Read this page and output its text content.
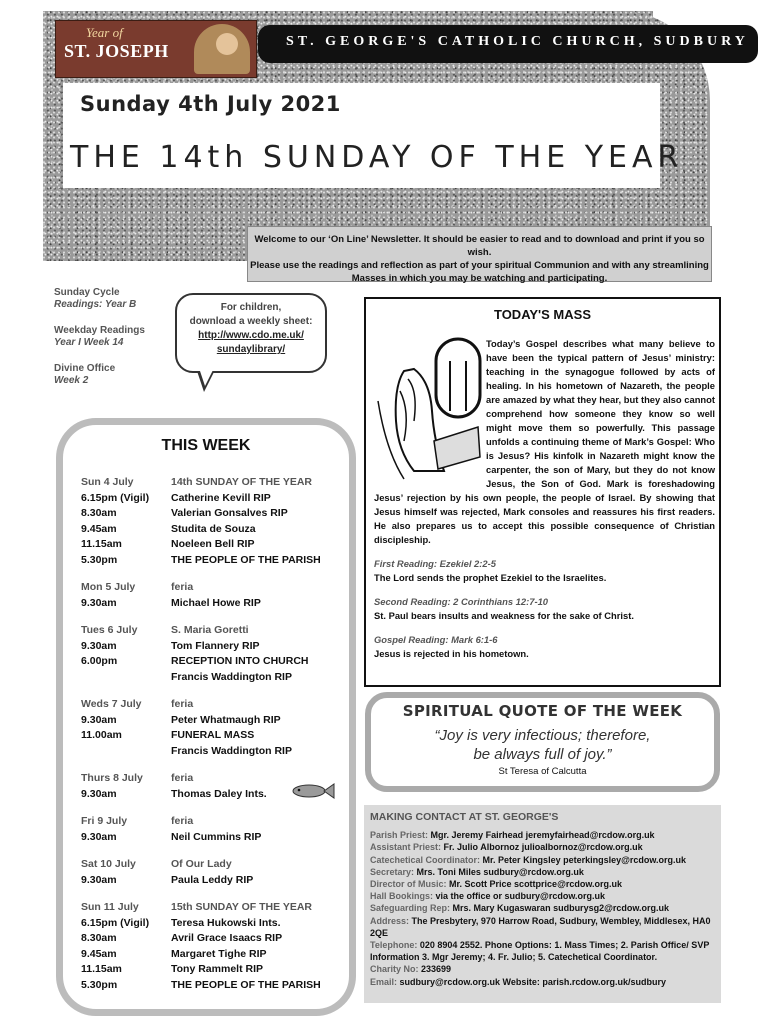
Year of
ST. JOSEPH	ST. GEORGE'S CATHOLIC CHURCH, SUDBURY
Sunday 4th July 2021
THE 14th SUNDAY OF THE YEAR
Welcome to our ‘On Line’ Newsletter. It should be easier to read and to download and print if you so wish.
Please use the readings and reflection as part of your spiritual Communion and with any streamlining
Masses in which you may be watching and participating.
Sunday Cycle
Readings: Year B
Weekday Readings
Year I Week 14
Divine Office
Week 2
For children,
download a weekly sheet:
http://www.cdo.me.uk/
sundaylibrary/
THIS WEEK
Sun 4 July	14th SUNDAY OF THE YEAR
6.15pm (Vigil)	Catherine Kevill RIP
8.30am	Valerian Gonsalves RIP
9.45am	Studita de Souza
11.15am	Noeleen Bell RIP
5.30pm	THE PEOPLE OF THE PARISH
Mon 5 July	feria
9.30am	Michael Howe RIP
Tues 6 July	S. Maria Goretti
9.30am	Tom Flannery RIP
6.00pm	RECEPTION INTO CHURCH
Francis Waddington RIP
Weds 7 July	feria
9.30am	Peter Whatmaugh RIP
11.00am	FUNERAL MASS
Francis Waddington RIP
Thurs 8 July	feria
9.30am	Thomas Daley Ints.
Fri 9 July	feria
9.30am	Neil Cummins RIP
Sat 10 July	Of Our Lady
9.30am	Paula Leddy RIP
Sun 11 July	15th SUNDAY OF THE YEAR
6.15pm (Vigil)	Teresa Hukowski Ints.
8.30am	Avril Grace Isaacs RIP
9.45am	Margaret Tighe RIP
11.15am	Tony Rammelt RIP
5.30pm	THE PEOPLE OF THE PARISH
TODAY'S MASS
Today’s Gospel describes what many believe to have been the typical pattern of Jesus’ ministry: teaching in the synagogue followed by acts of healing. In his hometown of Nazareth, the people are amazed by what they hear, but they also cannot comprehend how someone they know so well might move them so powerfully. This passage unfolds a continuing theme of Mark’s Gospel: Who is Jesus? His kinfolk in Nazareth might know the carpenter, the son of Mary, but they do not know Jesus, the Son of God. Mark is foreshadowing Jesus’ rejection by his own people, the people of Israel. By showing that Jesus himself was rejected, Mark consoles and reassures his first readers. He also prepares us to accept this possible consequence of Christian discipleship.
First Reading: Ezekiel 2:2-5
The Lord sends the prophet Ezekiel to the Israelites.
Second Reading: 2 Corinthians 12:7-10
St. Paul bears insults and weakness for the sake of Christ.
Gospel Reading: Mark 6:1-6
Jesus is rejected in his hometown.
SPIRITUAL QUOTE OF THE WEEK
“Joy is very infectious; therefore,
be always full of joy.”
St Teresa of Calcutta
MAKING CONTACT AT ST. GEORGE'S
Parish Priest: Mgr. Jeremy Fairhead jeremyfairhead@rcdow.org.uk
Assistant Priest: Fr. Julio Albornoz julioalbornoz@rcdow.org.uk
Catechetical Coordinator: Mr. Peter Kingsley peterkingsley@rcdow.org.uk
Secretary: Mrs. Toni Miles sudbury@rcdow.org.uk
Director of Music: Mr. Scott Price scottprice@rcdow.org.uk
Hall Bookings: via the office or sudbury@rcdow.org.uk
Safeguarding Rep: Mrs. Mary Kugaswaran sudburysg2@rcdow.org.uk
Address: The Presbytery, 970 Harrow Road, Sudbury, Wembley, Middlesex, HA0 2QE
Telephone: 020 8904 2552. Phone Options: 1. Mass Times; 2. Parish Office/ SVP Information 3. Mgr Jeremy; 4. Fr. Julio; 5. Catechetical Coordinator.
Charity No: 233699
Email: sudbury@rcdow.org.uk Website: parish.rcdow.org.uk/sudbury
